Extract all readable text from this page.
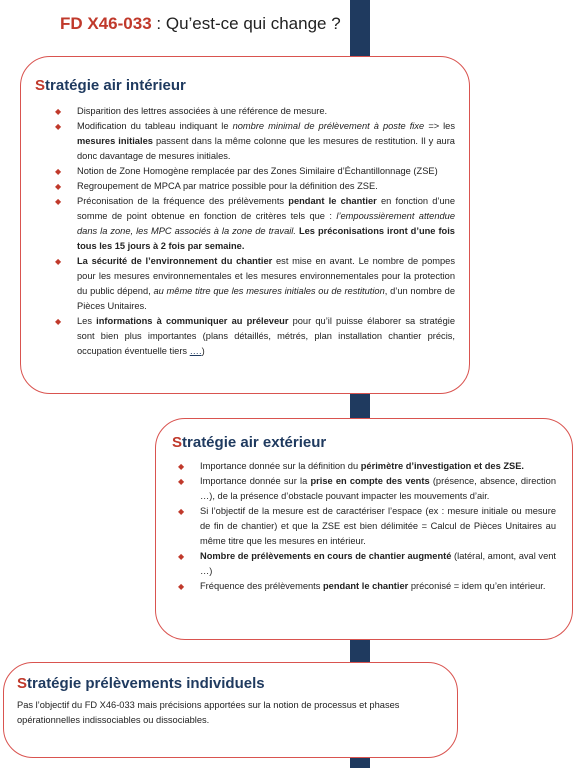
FD X46-033 : Qu’est-ce qui change ?
Stratégie air intérieur
◆ Disparition des lettres associées à une référence de mesure.
◆ Modification du tableau indiquant le nombre minimal de prélèvement à poste fixe => les mesures initiales passent dans la même colonne que les mesures de restitution. Il y aura donc davantage de mesures initiales.
◆ Notion de Zone Homogène remplacée par des Zones Similaire d’Échantillonnage (ZSE)
◆ Regroupement de MPCA par matrice possible pour la définition des ZSE.
◆ Préconisation de la fréquence des prélèvements pendant le chantier en fonction d’une somme de point obtenue en fonction de critères tels que : l’empoussièrement attendue dans la zone, les MPC associés à la zone de travail. Les préconisations iront d’une fois tous les 15 jours à 2 fois par semaine.
◆ La sécurité de l’environnement du chantier est mise en avant. Le nombre de pompes pour les mesures environnementales et les mesures environnementales pour la protection du public dépend, au même titre que les mesures initiales ou de restitution, d’un nombre de Pièces Unitaires.
◆ Les informations à communiquer au préleveur pour qu’il puisse élaborer sa stratégie sont bien plus importantes (plans détaillés, métrés, plan installation chantier précis, occupation éventuelle tiers ….)
Stratégie air extérieur
◆ Importance donnée sur la définition du périmètre d’investigation et des ZSE.
◆ Importance donnée sur la prise en compte des vents (présence, absence, direction …), de la présence d’obstacle pouvant impacter les mouvements d’air.
◆ Si l’objectif de la mesure est de caractériser l’espace (ex : mesure initiale ou mesure de fin de chantier) et que la ZSE est bien délimitée = Calcul de Pièces Unitaires au même titre que les mesures en intérieur.
◆ Nombre de prélèvements en cours de chantier augmenté (latéral, amont, aval vent …)
◆ Fréquence des prélèvements pendant le chantier préconisé = idem qu’en intérieur.
Stratégie prélèvements individuels

Pas l’objectif du FD X46-033 mais précisions apportées sur la notion de processus et phases opérationnelles indissociables ou dissociables.
